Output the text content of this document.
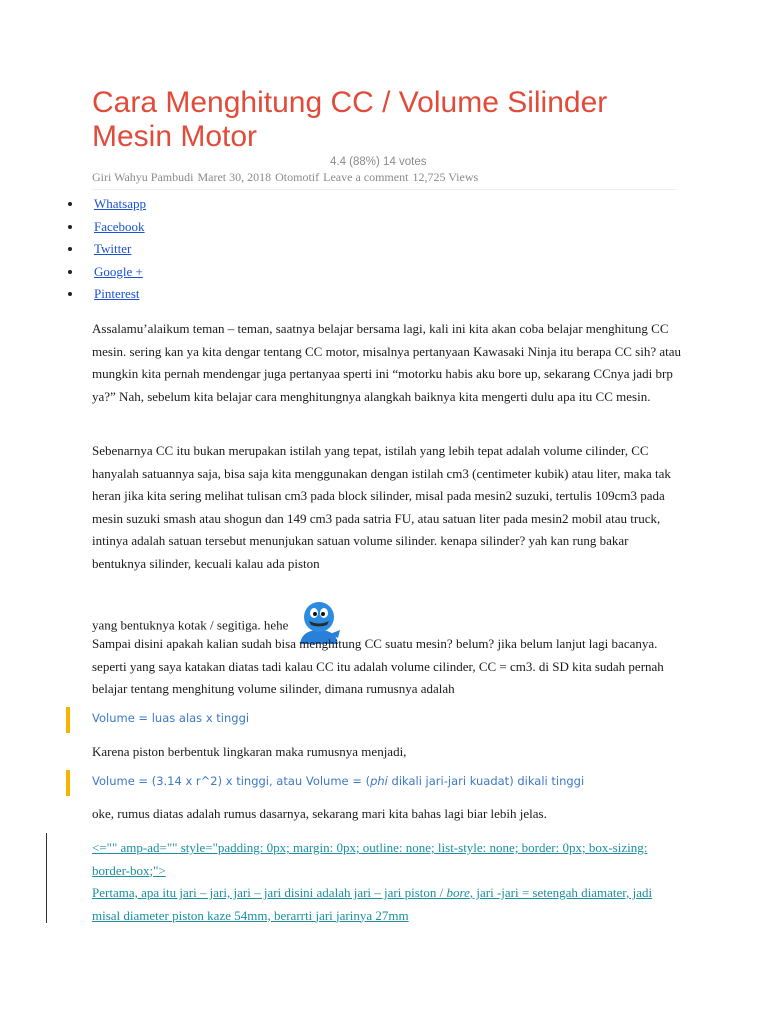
Cara Menghitung CC / Volume Silinder Mesin Motor
4.4 (88%) 14 votes
Giri Wahyu Pambudi Maret 30, 2018 Otomotif Leave a comment 12,725 Views
Whatsapp
Facebook
Twitter
Google +
Pinterest

Assalamu’alaikum teman – teman, saatnya belajar bersama lagi, kali ini kita akan coba belajar menghitung CC mesin. sering kan ya kita dengar tentang CC motor, misalnya pertanyaan Kawasaki Ninja itu berapa CC sih? atau mungkin kita pernah mendengar juga pertanyaa sperti ini “motorku habis aku bore up, sekarang CCnya jadi brp ya?” Nah, sebelum kita belajar cara menghitungnya alangkah baiknya kita mengerti dulu apa itu CC mesin.

Sebenarnya CC itu bukan merupakan istilah yang tepat, istilah yang lebih tepat adalah volume cilinder, CC hanyalah satuannya saja, bisa saja kita menggunakan dengan istilah cm3 (centimeter kubik) atau liter, maka tak heran jika kita sering melihat tulisan cm3 pada block silinder, misal pada mesin2 suzuki, tertulis 109cm3 pada mesin suzuki smash atau shogun dan 149 cm3 pada satria FU, atau satuan liter pada mesin2 mobil atau truck, intinya adalah satuan tersebut menunjukan satuan volume silinder. kenapa silinder? yah kan rung bakar bentuknya silinder, kecuali kalau ada piston

yang bentuknya kotak / segitiga. hehe

Sampai disini apakah kalian sudah bisa menghitung CC suatu mesin? belum? jika belum lanjut lagi bacanya. seperti yang saya katakan diatas tadi kalau CC itu adalah volume cilinder, CC = cm3. di SD kita sudah pernah belajar tentang menghitung volume silinder, dimana rumusnya adalah

Volume = luas alas x tinggi

Karena piston berbentuk lingkaran maka rumusnya menjadi,

Volume = (3.14 x r^2) x tinggi, atau Volume = (phi dikali jari-jari kuadat) dikali tinggi

oke, rumus diatas adalah rumus dasarnya, sekarang mari kita bahas lagi biar lebih jelas.

<="" amp-ad="" style="padding: 0px; margin: 0px; outline: none; list-style: none; border: 0px; box-sizing: border-box;">
Pertama, apa itu jari – jari, jari – jari disini adalah jari – jari piston / bore, jari -jari = setengah diamater, jadi misal diameter piston kaze 54mm, berarrti jari jarinya 27mm
